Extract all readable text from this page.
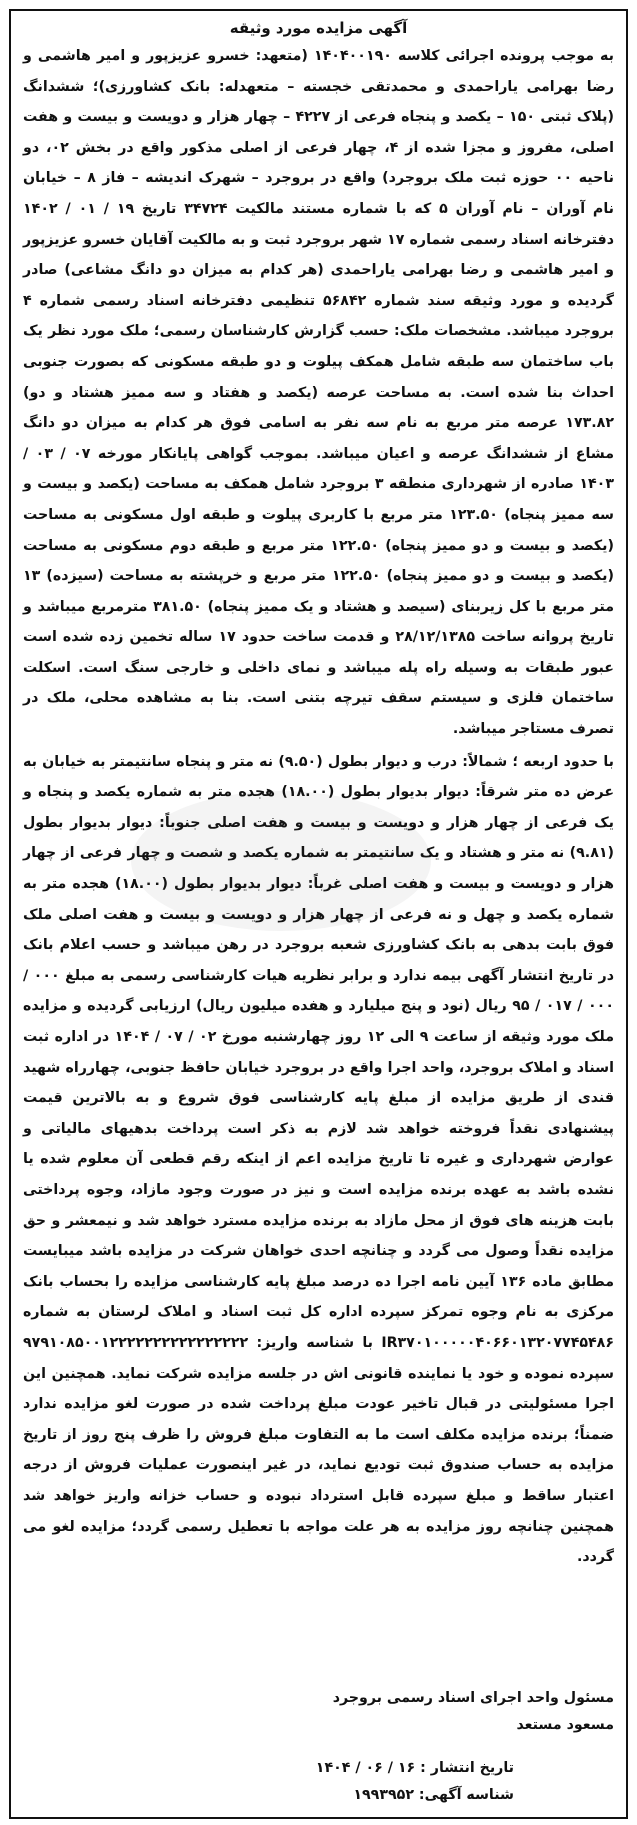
آگهی مزایده مورد وثیقه

به موجب پرونده اجرائی کلاسه ۱۴۰۴۰۰۱۹۰ (متعهد: خسرو عزیزپور و امیر هاشمی و رضا بهرامی یاراحمدی و محمدتقی خجسته – متعهدله: بانک کشاورزی)؛ ششدانگ (پلاک ثبتی ۱۵۰ – یکصد و پنجاه فرعی از ۴۲۲۷ – چهار هزار و دویست و بیست و هفت اصلی، مفروز و مجزا شده از ۴، چهار فرعی از اصلی مذکور واقع در بخش ۰۲، دو ناحیه ۰۰ حوزه ثبت ملک بروجرد) واقع در بروجرد – شهرک اندیشه – فاز ۸ – خیابان نام آوران – نام آوران ۵ که با شماره مستند مالکیت ۳۴۷۲۴ تاریخ ۱۹ / ۰۱ / ۱۴۰۲ دفترخانه اسناد رسمی شماره ۱۷ شهر بروجرد ثبت و به مالکیت آقایان خسرو عزیزپور و امیر هاشمی و رضا بهرامی یاراحمدی (هر کدام به میزان دو دانگ مشاعی) صادر گردیده و مورد وثیقه سند شماره ۵۶۸۴۲ تنظیمی دفترخانه اسناد رسمی شماره ۴ بروجرد میباشد. مشخصات ملک: حسب گزارش کارشناسان رسمی؛ ملک مورد نظر یک باب ساختمان سه طبقه شامل همکف پیلوت و دو طبقه مسکونی که بصورت جنوبی احداث بنا شده است. به مساحت عرصه (یکصد و هفتاد و سه ممیز هشتاد و دو) ۱۷۳.۸۲ عرصه متر مربع به نام سه نفر به اسامی فوق هر کدام به میزان دو دانگ مشاع از ششدانگ عرصه و اعیان میباشد. بموجب گواهی پایانکار مورخه ۰۷ / ۰۳ / ۱۴۰۳ صادره از شهرداری منطقه ۳ بروجرد شامل همکف به مساحت (یکصد و بیست و سه ممیز پنجاه) ۱۲۳.۵۰ متر مربع با کاربری پیلوت و طبقه اول مسکونی به مساحت (یکصد و بیست و دو ممیز پنجاه) ۱۲۲.۵۰ متر مربع و طبقه دوم مسکونی به مساحت (یکصد و بیست و دو ممیز پنجاه) ۱۲۲.۵۰ متر مربع و خرپشته به مساحت (سیزده) ۱۳ متر مربع با کل زیربنای (سیصد و هشتاد و یک ممیز پنجاه) ۳۸۱.۵۰ مترمربع میباشد و تاریخ پروانه ساخت ۲۸/۱۲/۱۳۸۵ و قدمت ساخت حدود ۱۷ ساله تخمین زده شده است عبور طبقات به وسیله راه پله میباشد و نمای داخلی و خارجی سنگ است. اسکلت ساختمان فلزی و سیستم سقف تیرچه بتنی است. بنا به مشاهده محلی، ملک در تصرف مستاجر میباشد.

با حدود اربعه ؛ شمالاً: درب و دیوار بطول (۹.۵۰) نه متر و پنجاه سانتیمتر به خیابان به عرض ده متر شرقاً: دیوار بدیوار بطول (۱۸.۰۰) هجده متر به شماره یکصد و پنجاه و یک فرعی از چهار هزار و دویست و بیست و هفت اصلی جنوباً: دیوار بدیوار بطول (۹.۸۱) نه متر و هشتاد و یک سانتیمتر به شماره یکصد و شصت و چهار فرعی از چهار هزار و دویست و بیست و هفت اصلی غرباً: دیوار بدیوار بطول (۱۸.۰۰) هجده متر به شماره یکصد و چهل و نه فرعی از چهار هزار و دویست و بیست و هفت اصلی ملک فوق بابت بدهی به بانک کشاورزی شعبه بروجرد در رهن میباشد و حسب اعلام بانک در تاریخ انتشار آگهی بیمه ندارد و برابر نظریه هیات کارشناسی رسمی به مبلغ ۰۰۰ / ۰۰۰ / ۰۱۷ / ۹۵ ریال (نود و پنج میلیارد و هفده میلیون ریال) ارزیابی گردیده و مزایده ملک مورد وثیقه از ساعت ۹ الی ۱۲ روز چهارشنبه مورخ ۰۲ / ۰۷ / ۱۴۰۴ در اداره ثبت اسناد و املاک بروجرد، واحد اجرا واقع در بروجرد خیابان حافظ جنوبی، چهارراه شهید قندی از طریق مزایده از مبلغ پایه کارشناسی فوق شروع و به بالاترین قیمت پیشنهادی نقداً فروخته خواهد شد لازم به ذکر است پرداخت بدهیهای مالیاتی و عوارض شهرداری و غیره تا تاریخ مزایده اعم از اینکه رقم قطعی آن معلوم شده یا نشده باشد به عهده برنده مزایده است و نیز در صورت وجود مازاد، وجوه پرداختی بابت هزینه های فوق از محل مازاد به برنده مزایده مسترد خواهد شد و نیمعشر و حق مزایده نقداً وصول می گردد و چنانچه احدی خواهان شرکت در مزایده باشد میبایست مطابق ماده ۱۳۶ آیین نامه اجرا ده درصد مبلغ پایه کارشناسی مزایده را بحساب بانک مرکزی به نام وجوه تمرکز سپرده اداره کل ثبت اسناد و املاک لرستان به شماره IR۳۷۰۱۰۰۰۰۰۴۰۶۶۰۱۳۲۰۷۷۴۵۴۸۶ با شناسه واریز: ۹۷۹۱۰۸۵۰۰۱۲۲۲۲۲۲۲۲۲۲۲۲۲۲۲۲ سپرده نموده و خود یا نماینده قانونی اش در جلسه مزایده شرکت نماید. همچنین این اجرا مسئولیتی در قبال تاخیر عودت مبلغ پرداخت شده در صورت لغو مزایده ندارد ضمناً؛ برنده مزایده مکلف است ما به التفاوت مبلغ فروش را ظرف پنج روز از تاریخ مزایده به حساب صندوق ثبت تودیع نماید، در غیر اینصورت عملیات فروش از درجه اعتبار ساقط و مبلغ سپرده قابل استرداد نبوده و حساب خزانه واریز خواهد شد همچنین چنانچه روز مزایده به هر علت مواجه با تعطیل رسمی گردد؛ مزایده لغو می گردد.

مسئول واحد اجرای اسناد رسمی بروجرد
مسعود مستعد
تاریخ انتشار : ۱۶ / ۰۶ / ۱۴۰۴
شناسه آگهی: ۱۹۹۳۹۵۲
